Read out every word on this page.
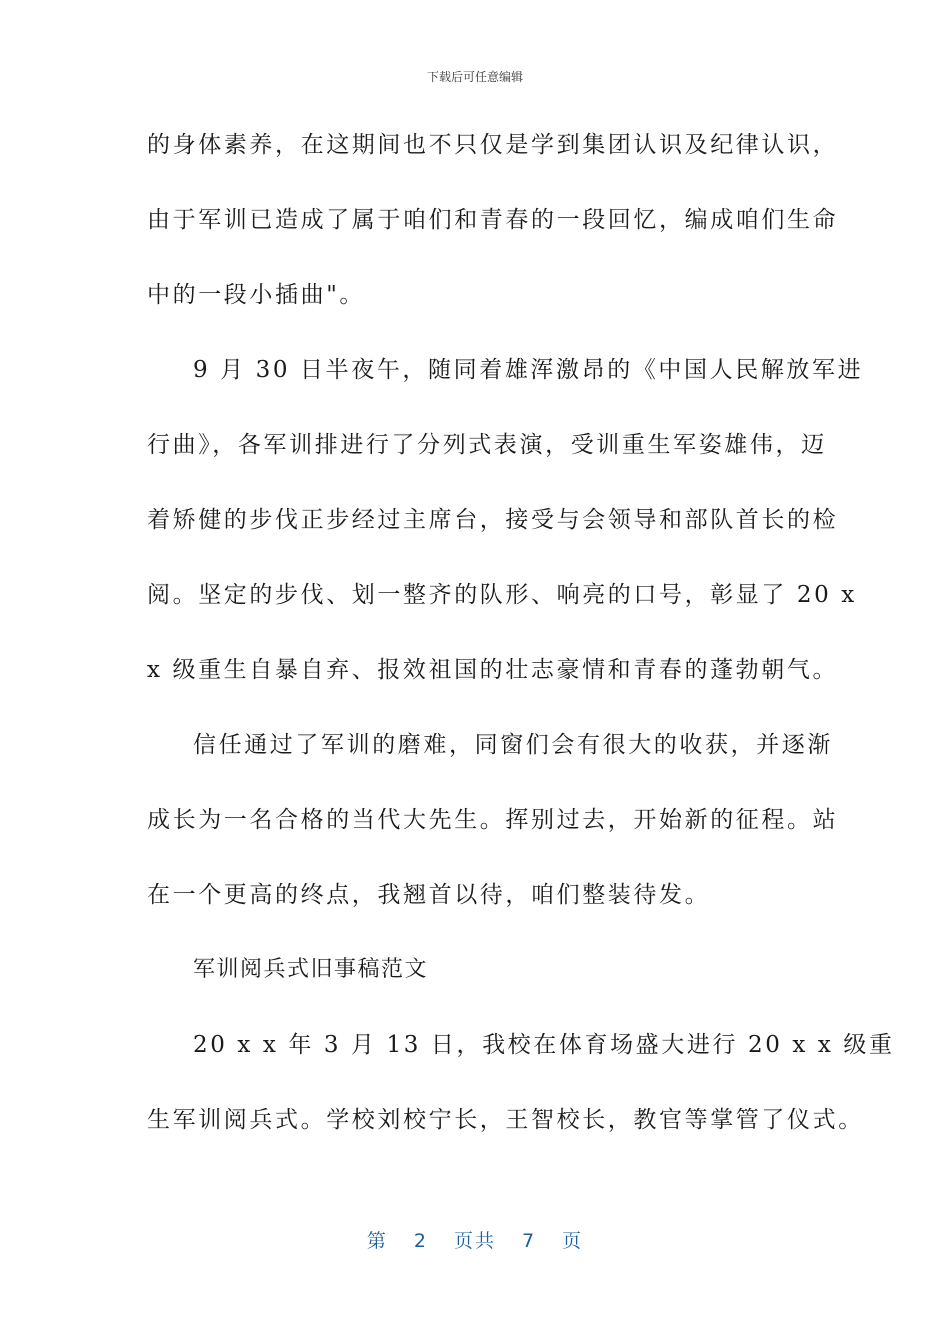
下载后可任意编辑
的身体素养，在这期间也不只仅是学到集团认识及纪律认识，
由于军训已造成了属于咱们和青春的一段回忆，编成咱们生命
中的一段小插曲"。
9 月 30 日半夜午，随同着雄浑激昂的《中国人民解放军进
行曲》，各军训排进行了分列式表演，受训重生军姿雄伟，迈
着矫健的步伐正步经过主席台，接受与会领导和部队首长的检
阅。坚定的步伐、划一整齐的队形、响亮的口号，彰显了 20 x
x 级重生自暴自弃、报效祖国的壮志豪情和青春的蓬勃朝气。
信任通过了军训的磨难，同窗们会有很大的收获，并逐渐
成长为一名合格的当代大先生。挥别过去，开始新的征程。站
在一个更高的终点，我翘首以待，咱们整装待发。
军训阅兵式旧事稿范文
20 x x 年 3 月 13 日，我校在体育场盛大进行 20 x x 级重
生军训阅兵式。学校刘校宁长，王智校长，教官等掌管了仪式。
第 2 页共 7 页
